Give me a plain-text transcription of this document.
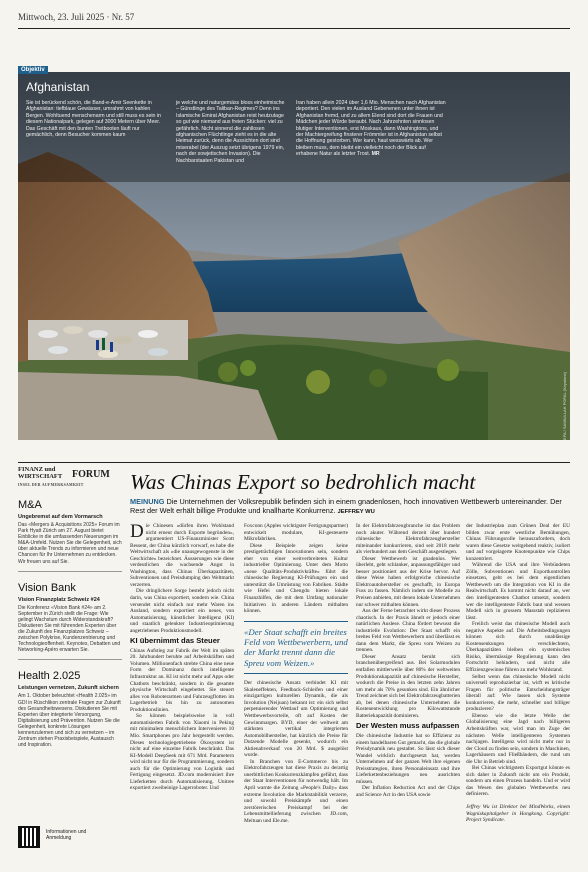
Mittwoch, 23. Juli 2025 · Nr. 57
Afghanistan
Sie ist berückend schön, die Band-e-Amir Seenkette in Afghanistan: tiefblaue Gewässer, umrahmt von kahlen Bergen. Wohltuend menschenarm und still muss es sein in diesem Nationalpark, gelegen auf 3000 Metern über Meer. Das Geschäft mit den bunten Tretbooten läuft nur gemächlich, denn Besucher kommen kaum
je welche und naturgemäss bloss einheimische – Günstlinge des Taliban-Regimes? Denn ins Islamische Emirat Afghanistan reist heutzutage so gut wie niemand aus freien Stücken: viel zu gefährlich. Nicht sinnend die zahllosen afghanischen Flüchtlinge zieht es in die alte Heimat zurück, denn die Aussichten dort sind miserabel (der Auszug setzt übrigens 1979 ein, nach der sowjetischen Invasion). Die Nachbarstaaten Pakistan und
Iran haben allein 2024 über 1,6 Mio. Menschen nach Afghanistan deportiert. Den vielen im Ausland Gebenenen unter ihnen ist Afghanistan fremd, und zu allem Elend sind dort die Frauen und Mädchen jeder Würde beraubt. Nach Jahrzehnten sinnlosen blutiger Interventionen, erst Moskaus, dann Washingtons, und der Machtergreifung finsterer Frömmler ist in Afghanistan selbst die Hoffnung gestorben. Wer kann, haut wesswärts ab. Wer bleiben muss, dem bleibt ein vielleicht noch der Blick auf erhabene Natur als letzter Trost. MR
EPA / SAMIULLAH POPAL (Keystone)
Objektiv
FINANZ und
WIRTSCHAFT FORUM
INSEL DER AUFMERKSAMKEIT
M&A
Ungebremst auf dem Vormarsch
Das «Mergers & Acquisitions 2025» Forum im Park Hyatt Zürich am 27. August bietet Einblicke in die umfassenden Neuerungen im M&A-Umfeld. Nutzen Sie die Gelegenheit, sich über aktuelle Trends zu informieren und neue Chancen für Ihr Unternehmen zu entdecken. Wir freuen uns auf Sie.
Vision Bank
Vision Finanzplatz Schweiz #24
Die Konferenz «Vision Bank #24» am 2. September in Zürich stellt die Frage: Wie gelingt Wachstum durch Widerstandskraft? Diskutieren Sie mit führenden Experten über die Zukunft des Finanzplatzes Schweiz – zwischen Polykrise, Kundenzentrierung und Technologieoffenheit. Keynotes, Debatten und Networking-Apéro erwarten Sie.
Health 2.025
Leistungen vernetzen, Zukunft sichern
Am 1. Oktober beleuchtet «Health 2.025» im GDI in Rüschlikon zentrale Fragen zur Zukunft des Gesundheitswesens. Diskutieren Sie mit Experten über integrierte Versorgung, Digitalisierung und Prävention. Nutzen Sie die Gelegenheit, konkrete Lösungen kennenzulernen und sich zu vernetzen – im Zentrum stehen Praxisbeispiele, Austausch und Inspiration.
Informationen und
Anmeldung
Was Chinas Export so bedrohlich macht
MEINUNG Die Unternehmen der Volksrepublik befinden sich in einem gnadenlosen, hoch innovativen Wettbewerb untereinander. Der Rest der Welt erhält billige Produkte und knallharte Konkurrenz. JEFFREY WU

Die Chinesen «dürfen ihren Wohlstand nicht erneut durch Exporte begründen», argumentiert US-Finanzminister Scott Bessent, der China kürzlich vorwarf, es habe die Weltwirtschaft als «die unausgewogenste in der Geschichte» bezeichnet. Äusserungen wie diese verdeutlichen die wachsende Angst in Washington, dass Chinas Überkapazitäten, Subventionen und Preisdumping den Weltmarkt verzerren.

Die dringlichere Sorge besteht jedoch nicht darin, was China exportiert, sondern wie. China versendet nicht einfach nur mehr Waren ins Ausland, sondern exportiert ein neues, von Automatisierung, künstlicher Intelligenz (KI) und staatlich gelenkter Industrieoptimierung angetriebenes Produktionsmodell.

KI übernimmt das Steuer

Chinas Aufstieg zur Fabrik der Welt im späten 20. Jahrhundert beruhte auf Arbeitskräften und Volumen. Millionenfach strebte China eine neue Form der Dominanz durch intelligente Infrastruktur an. KI ist nicht mehr auf Apps oder Chatbots beschränkt, sondern in die gesamte physische Wirtschaft eingebettet. Sie steuert alles von Roboterarmen und Fahrzeugflotten im Lagerbetrieb bis hin zu autonomen Produktionslinien.

So können beispielsweise in voll automatisierten Fabrik von Xiaomi in Peking mit minimalem menschlichem Intervenieren 10 Mio. Smartphones pro Jahr hergestellt werden. Dieses technologiegetriebene Ökosystem ist nicht auf eine einzelne Fabrik beschränkt. Das KI-Modell DeepSeek mit 671 Mrd. Parametern wird nicht nur für die Programmierung, sondern auch für die Optimierung von Logistik und Fertigung eingesetzt. JD.com modernisiert ihre Lieferketten durch Automatisierung. Unitree exportiert zweibeinige Lagerroboter. Und

Foxconn (Apples wichtigster Fertigungspartner) entwickelt modulare, KI-gesteuerte Mikrofabriken.

Diese Beispiele zeigen keine prestigeträchtigen Innovationen sein, sondern eher von einer weitverbreiteten Kultur industrieller Optimierung. Unter dem Motto «neue Qualitäts-Produktivkräfte» führt die chinesische Regierung KI-Prüfungen ein und unterstützt die Umrüstung von Fabriken. Städte wie Hefei und Chengdu bieten lokale Finanzhilfen, die mit dem Umfang nationaler Initiativen in anderen Ländern mithalten können.

«Der Staat schafft ein breites Feld von Wettbewerbern, und der Markt trennt dann die Spreu vom Weizen.»

Der chinesische Ansatz verbindet KI mit Skaleneffekten, Feedback-Schleifen und einer einzigartigen kulturellen Dynamik, die als Involution (Neijuan) bekannt ist: ein sich selbst perpetuierender Wettlauf um Optimierung und Wettbewerbsvorteile, oft auf Kosten der Gewinnmargen. BYD, einer der weltweit am stärksten vertikal integrierten Automobilhersteller, hat kürzlich die Preise für Dutzende Modelle gesenkt, wodurch ein Aktienabverkauf von 20 Mrd. $ ausgelöst wurde.

In Branchen von E-Commerce bis zu Elektrofahrzeugen hat diese Praxis zu derartig unerbittlichen Konkurrenzkämpfen geführt, dass der Staat Interventionen für notwendig hält. Im April warnte die Zeitung «People's Daily» dass extreme Involution die Marktstabilität verzerre, und sowohl Preiskämpfe und einen zerstörerischen Preiskampf bei der Lebensmittellieferung zwischen JD.com, Meituan und Ele.me.

In der Elektrofahrzeugbranche ist das Problem noch akuter. Während derzeit über hundert chinesische Elektrofahrzeughersteller miteinander konkurrieren, sind seit 2018 mehr als vierhundert aus dem Geschäft ausgestiegen.

Dieser Wettbewerb ist gnadenlos. Wer überlebt, geht schlanker, anpassungsfähiger und besser positioniert aus der Krise hervor. Auf diese Weise haben erfolgreiche chinesische Elektroautohersteller es geschafft, in Europa Fuss zu fassen. Nämlich indem sie Modelle zu Preisen anbieten, mit denen lokale Unternehmen nur schwer mithalten können.

Aus der Ferne betrachtet wirkt dieser Prozess chaotisch. In der Praxis ähnelt er jedoch einer natürlichen Auslese. China fördert bewusst die industrielle Evolution: Der Staat schafft ein breites Feld von Wettbewerbern und überlässt es dann dem Markt, die Spreu vom Weizen zu trennen.

Dieser Ansatz beruht sich branchenübergreifend aus. Bei Solarmodulen entfallen mittlerweile über 80% der weltweiten Produktionskapazität auf chinesische Hersteller, wodurch die Preise in den letzten zehn Jahren um mehr als 70% gesunken sind. Ein ähnlicher Trend zeichnet sich bei Elektrofahrzeugbatterien ab, bei denen chinesische Unternehmen die Kostenentwicklung pro Kilowattstunde Batteriekapazität dominieren.

Der Westen muss aufpassen

Die chinesische Industrie hat so Effizienz zu einem handelbaren Gut gemacht, das die globale Preisdynamik neu gestaltet. So lässt sich dieser Wandel wirklich durchgesetzt hat, werden Unternehmen auf der ganzen Welt ihre eigenen Preisstrategien, ihren Personaleinsatz und ihre Lieferkettenbeziehungen neu ausrichten müssen.

Der Inflation Reduction Act und der Chips and Science Act in den USA sowie

der Industrieplan zum Grünen Deal der EU bilden zwar erste westliche Bemühungen, Chinas Führungsrolle herauszufordern, doch waren diese Gesetze weitgehend reaktiv, isoliert und auf vorgelagerte Knotenpunkte wie Chips konzentriert.

Während die USA und ihre Verbündeten Zölle, Subventionen und Exportkontrollen einsetzen, geht es bei dem eigentlichen Wettbewerb um die Integration von KI in die Realwirtschaft. Es kommt nicht darauf an, wer den intelligentesten Chatbot umsetzt, sondern wer die intelligenteste Fabrik baut und wessen Modell sich in grossem Massstab replizieren lässt.

Freilich weist das chinesische Modell auch negative Aspekte auf. Die Arbeitsbedingungen können sich durch unablässige Kostensenkungen verschlechtern, Überkapazitäten bleiben ein systemisches Risiko, übermässige Regulierung kann den Fortschritt behindern, und nicht alle Effizienzgewinne führen zu mehr Wohlstand.

Selbst wenn das chinesische Modell nicht universell reproduzierbar ist, wirft es kritische Fragen für politische Entscheidungsträger überall auf: Wie lassen sich Systeme konkurrieren, die mehr, schneller und billiger produzieren?

Ebenso wie die letzte Welle der Globalisierung eine Jagd nach billigeren Arbeitskräften war, wird man im Zuge der nächsten Welle intelligenteren Systemen nachjagen. Intelligenz wird nicht mehr nur in der Cloud zu finden sein, sondern in Maschinen, Lagerhäusern und Fließbändern, die rund um die Uhr in Betrieb sind.

Bei Chinas wichtigstem Exportgut könnte es sich daher in Zukunft nicht um ein Produkt, sondern um einen Prozess handeln. Und er wird das Wesen des globalen Wettbewerbs neu definieren.

Jeffrey Wu ist Direktor bei MindWorks, einem Wagniskapitalgeber in Hongkong. Copyright: Project Syndicate.
